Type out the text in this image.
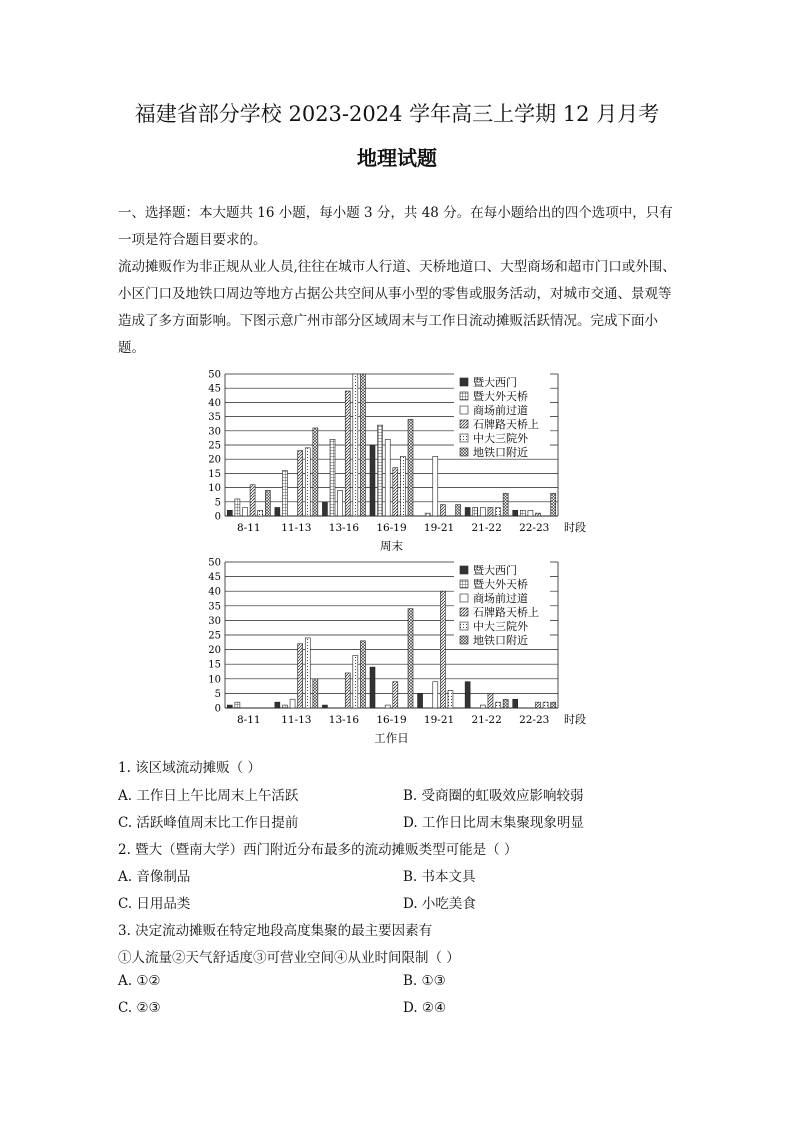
福建省部分学校 2023-2024 学年高三上学期 12 月月考
地理试题

一、选择题：本大题共 16 小题，每小题 3 分，共 48 分。在每小题给出的四个选项中，只有一项是符合题目要求的。

流动摊贩作为非正规从业人员,往往在城市人行道、天桥地道口、大型商场和超市门口或外围、小区门口及地铁口周边等地方占据公共空间从事小型的零售或服务活动，对城市交通、景观等造成了多方面影响。下图示意广州市部分区域周末与工作日流动摊贩活跃情况。完成下面小题。

0
5
10
15
20
25
30
35
40
45
50
8-11 11-13 13-16 16-19 19-21 21-22 22-23 时段
周末
暨大西门
暨大外天桥
商场前过道
石牌路天桥上
中大三院外
地铁口附近
0
5
10
15
20
25
30
35
40
45
50
8-11 11-13 13-16 16-19 19-21 21-22 22-23 时段
工作日
暨大西门
暨大外天桥
商场前过道
石牌路天桥上
中大三院外
地铁口附近
1. 该区域流动摊贩（ ）
A. 工作日上午比周末上午活跃	B. 受商圈的虹吸效应影响较弱
C. 活跃峰值周末比工作日提前	D. 工作日比周末集聚现象明显
2. 暨大（暨南大学）西门附近分布最多的流动摊贩类型可能是（ ）
A. 音像制品	B. 书本文具
C. 日用品类	D. 小吃美食
3. 决定流动摊贩在特定地段高度集聚的最主要因素有
①人流量②天气舒适度③可营业空间④从业时间限制（ ）
A. ①②	B. ①③
C. ②③	D. ②④
